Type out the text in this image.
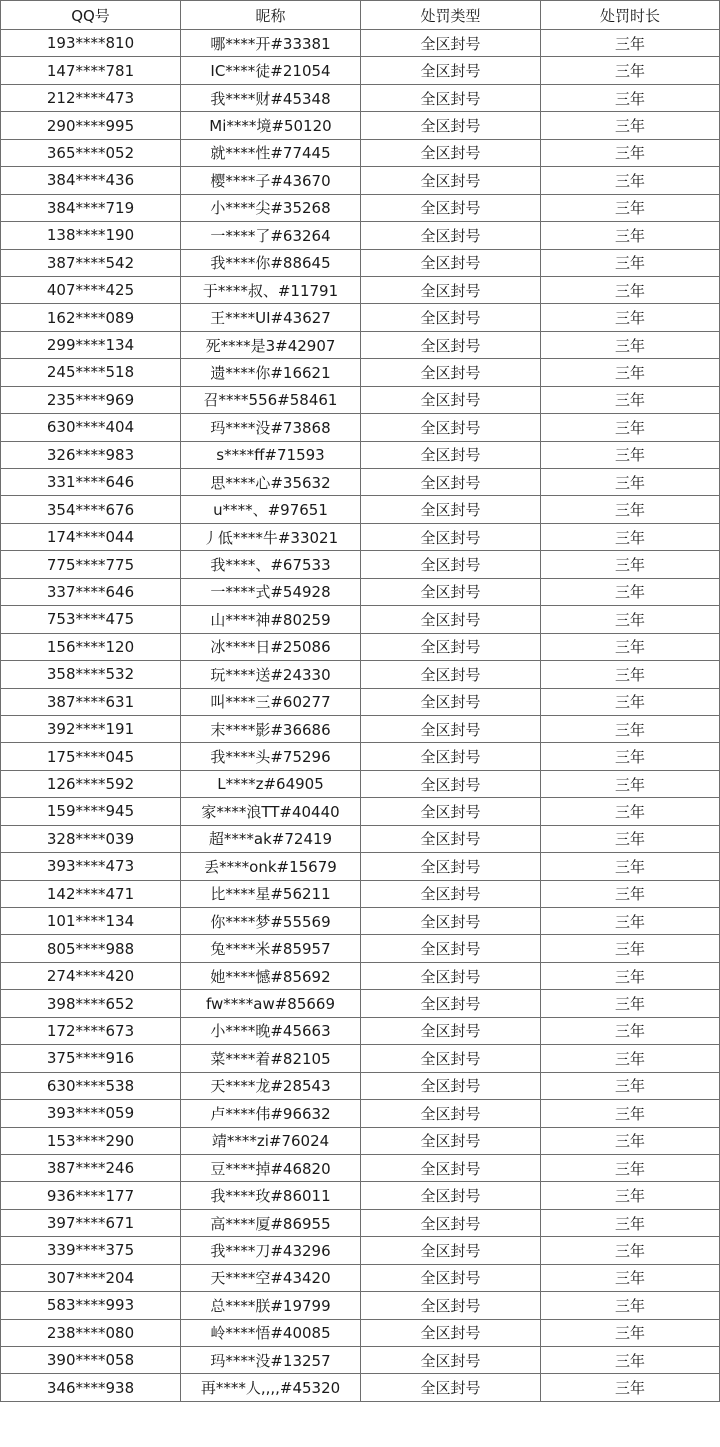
QQ号	昵称	处罚类型	处罚时长
193****810	哪****开#33381	全区封号	三年
147****781	IC****徒#21054	全区封号	三年
212****473	我****财#45348	全区封号	三年
290****995	Mi****境#50120	全区封号	三年
365****052	就****性#77445	全区封号	三年
384****436	樱****子#43670	全区封号	三年
384****719	小****尖#35268	全区封号	三年
138****190	一****了#63264	全区封号	三年
387****542	我****你#88645	全区封号	三年
407****425	于****叔、#11791	全区封号	三年
162****089	王****UI#43627	全区封号	三年
299****134	死****是3#42907	全区封号	三年
245****518	遗****你#16621	全区封号	三年
235****969	召****556#58461	全区封号	三年
630****404	玛****没#73868	全区封号	三年
326****983	s****ff#71593	全区封号	三年
331****646	思****心#35632	全区封号	三年
354****676	u****、#97651	全区封号	三年
174****044	丿低****牛#33021	全区封号	三年
775****775	我****、#67533	全区封号	三年
337****646	一****式#54928	全区封号	三年
753****475	山****神#80259	全区封号	三年
156****120	冰****日#25086	全区封号	三年
358****532	玩****送#24330	全区封号	三年
387****631	叫****三#60277	全区封号	三年
392****191	末****影#36686	全区封号	三年
175****045	我****头#75296	全区封号	三年
126****592	L****z#64905	全区封号	三年
159****945	家****浪TT#40440	全区封号	三年
328****039	超****ak#72419	全区封号	三年
393****473	丢****onk#15679	全区封号	三年
142****471	比****星#56211	全区封号	三年
101****134	你****梦#55569	全区封号	三年
805****988	兔****米#85957	全区封号	三年
274****420	她****憾#85692	全区封号	三年
398****652	fw****aw#85669	全区封号	三年
172****673	小****晚#45663	全区封号	三年
375****916	菜****着#82105	全区封号	三年
630****538	天****龙#28543	全区封号	三年
393****059	卢****伟#96632	全区封号	三年
153****290	靖****zi#76024	全区封号	三年
387****246	豆****掉#46820	全区封号	三年
936****177	我****玫#86011	全区封号	三年
397****671	高****厦#86955	全区封号	三年
339****375	我****刀#43296	全区封号	三年
307****204	天****空#43420	全区封号	三年
583****993	总****朕#19799	全区封号	三年
238****080	岭****悟#40085	全区封号	三年
390****058	玛****没#13257	全区封号	三年
346****938	再****人,,,,#45320	全区封号	三年
